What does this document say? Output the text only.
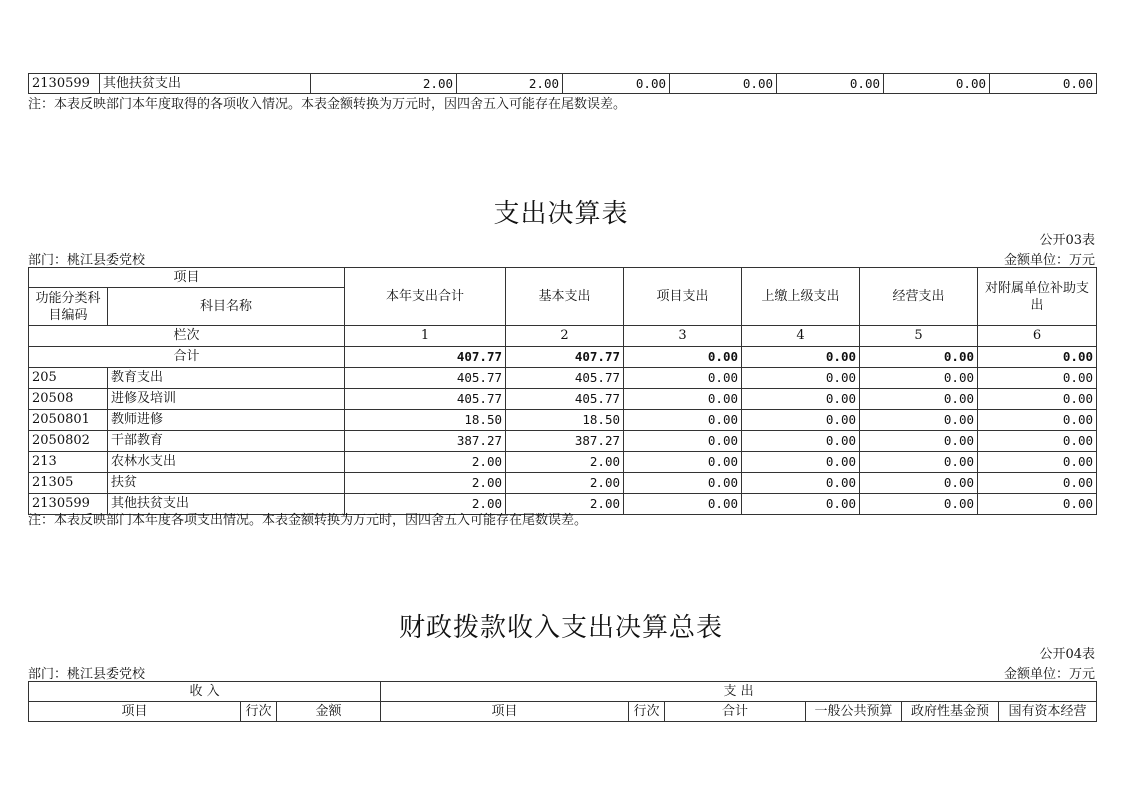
2130599	其他扶贫支出	2.00	2.00	0.00	0.00	0.00	0.00	0.00
注：本表反映部门本年度取得的各项收入情况。本表金额转换为万元时，因四舍五入可能存在尾数误差。
支出决算表
公开03表
部门：桃江县委党校	金额单位：万元
项目		本年支出合计	基本支出	项目支出	上缴上级支出	经营支出	对附属单位补助支出
功能分类科目编码	科目名称						
栏次		1	2	3	4	5	6
合计		407.77	407.77	0.00	0.00	0.00	0.00
205	教育支出	405.77	405.77	0.00	0.00	0.00	0.00
20508	进修及培训	405.77	405.77	0.00	0.00	0.00	0.00
2050801	教师进修	18.50	18.50	0.00	0.00	0.00	0.00
2050802	干部教育	387.27	387.27	0.00	0.00	0.00	0.00
213	农林水支出	2.00	2.00	0.00	0.00	0.00	0.00
21305	扶贫	2.00	2.00	0.00	0.00	0.00	0.00
2130599	其他扶贫支出	2.00	2.00	0.00	0.00	0.00	0.00
注：本表反映部门本年度各项支出情况。本表金额转换为万元时，因四舍五入可能存在尾数误差。
财政拨款收入支出决算总表
公开04表
部门：桃江县委党校	金额单位：万元
收 入			支 出					
项目	行次	金额	项目	行次	合计	一般公共预算	政府性基金预	国有资本经营
